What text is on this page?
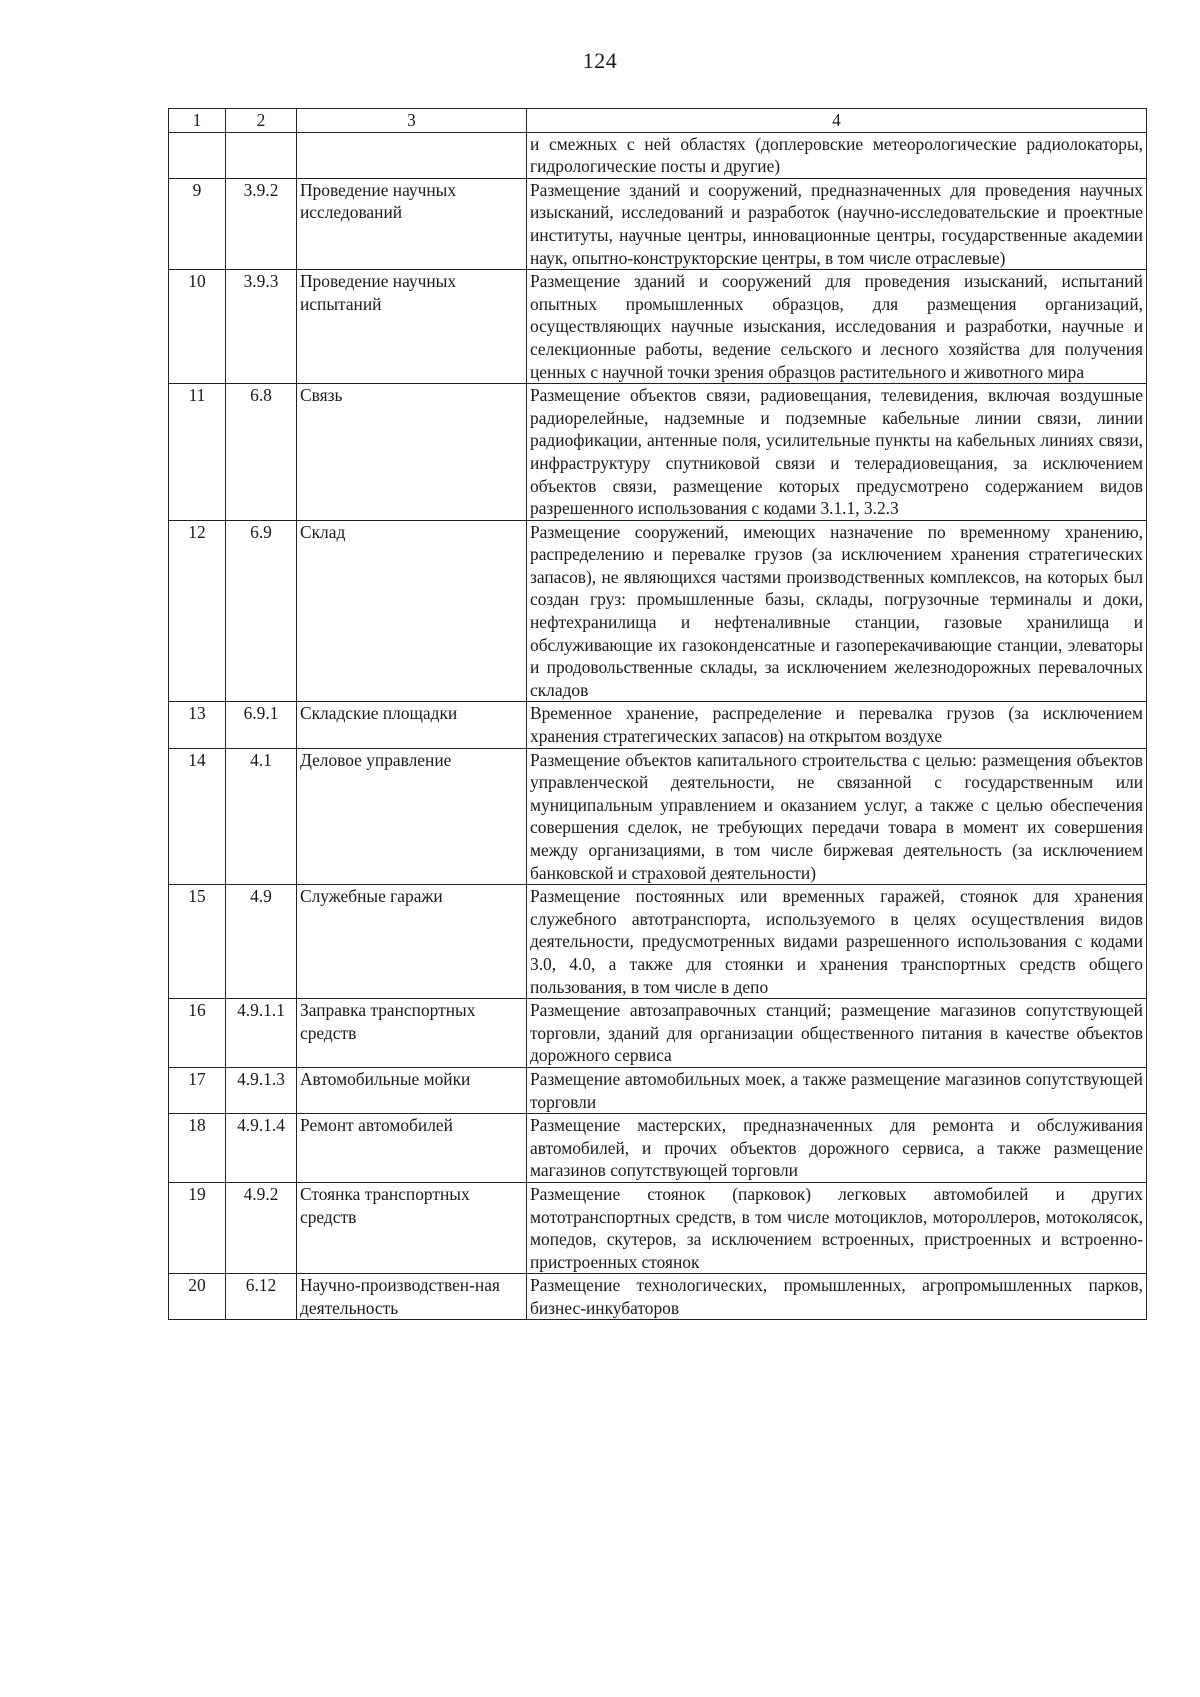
124
1	2	3	4
			и смежных с ней областях (доплеровские метеорологические радиолокаторы, гидрологические посты и другие)
9	3.9.2	Проведение научных исследований	Размещение зданий и сооружений, предназначенных для проведения научных изысканий, исследований и разработок (научно-исследовательские и проектные институты, научные центры, инновационные центры, государственные академии наук, опытно-конструкторские центры, в том числе отраслевые)
10	3.9.3	Проведение научных испытаний	Размещение зданий и сооружений для проведения изысканий, испытаний опытных промышленных образцов, для размещения организаций, осуществляющих научные изыскания, исследования и разработки, научные и селекционные работы, ведение сельского и лесного хозяйства для получения ценных с научной точки зрения образцов растительного и животного мира
11	6.8	Связь	Размещение объектов связи, радиовещания, телевидения, включая воздушные радиорелейные, надземные и подземные кабельные линии связи, линии радиофикации, антенные поля, усилительные пункты на кабельных линиях связи, инфраструктуру спутниковой связи и телерадиовещания, за исключением объектов связи, размещение которых предусмотрено содержанием видов разрешенного использования с кодами 3.1.1, 3.2.3
12	6.9	Склад	Размещение сооружений, имеющих назначение по временному хранению, распределению и перевалке грузов (за исключением хранения стратегических запасов), не являющихся частями производственных комплексов, на которых был создан груз: промышленные базы, склады, погрузочные терминалы и доки, нефтехранилища и нефтеналивные станции, газовые хранилища и обслуживающие их газоконденсатные и газоперекачивающие станции, элеваторы и продовольственные склады, за исключением железнодорожных перевалочных складов
13	6.9.1	Складские площадки	Временное хранение, распределение и перевалка грузов (за исключением хранения стратегических запасов) на открытом воздухе
14	4.1	Деловое управление	Размещение объектов капитального строительства с целью: размещения объектов управленческой деятельности, не связанной с государственным или муниципальным управлением и оказанием услуг, а также с целью обеспечения совершения сделок, не требующих передачи товара в момент их совершения между организациями, в том числе биржевая деятельность (за исключением банковской и страховой деятельности)
15	4.9	Служебные гаражи	Размещение постоянных или временных гаражей, стоянок для хранения служебного автотранспорта, используемого в целях осуществления видов деятельности, предусмотренных видами разрешенного использования с кодами 3.0, 4.0, а также для стоянки и хранения транспортных средств общего пользования, в том числе в депо
16	4.9.1.1	Заправка транспортных средств	Размещение автозаправочных станций; размещение магазинов сопутствующей торговли, зданий для организации общественного питания в качестве объектов дорожного сервиса
17	4.9.1.3	Автомобильные мойки	Размещение автомобильных моек, а также размещение магазинов сопутствующей торговли
18	4.9.1.4	Ремонт автомобилей	Размещение мастерских, предназначенных для ремонта и обслуживания автомобилей, и прочих объектов дорожного сервиса, а также размещение магазинов сопутствующей торговли
19	4.9.2	Стоянка транспортных средств	Размещение стоянок (парковок) легковых автомобилей и других мототранспортных средств, в том числе мотоциклов, мотороллеров, мотоколясок, мопедов, скутеров, за исключением встроенных, пристроенных и встроенно-пристроенных стоянок
20	6.12	Научно-производствен-ная деятельность	Размещение технологических, промышленных, агропромышленных парков, бизнес-инкубаторов
